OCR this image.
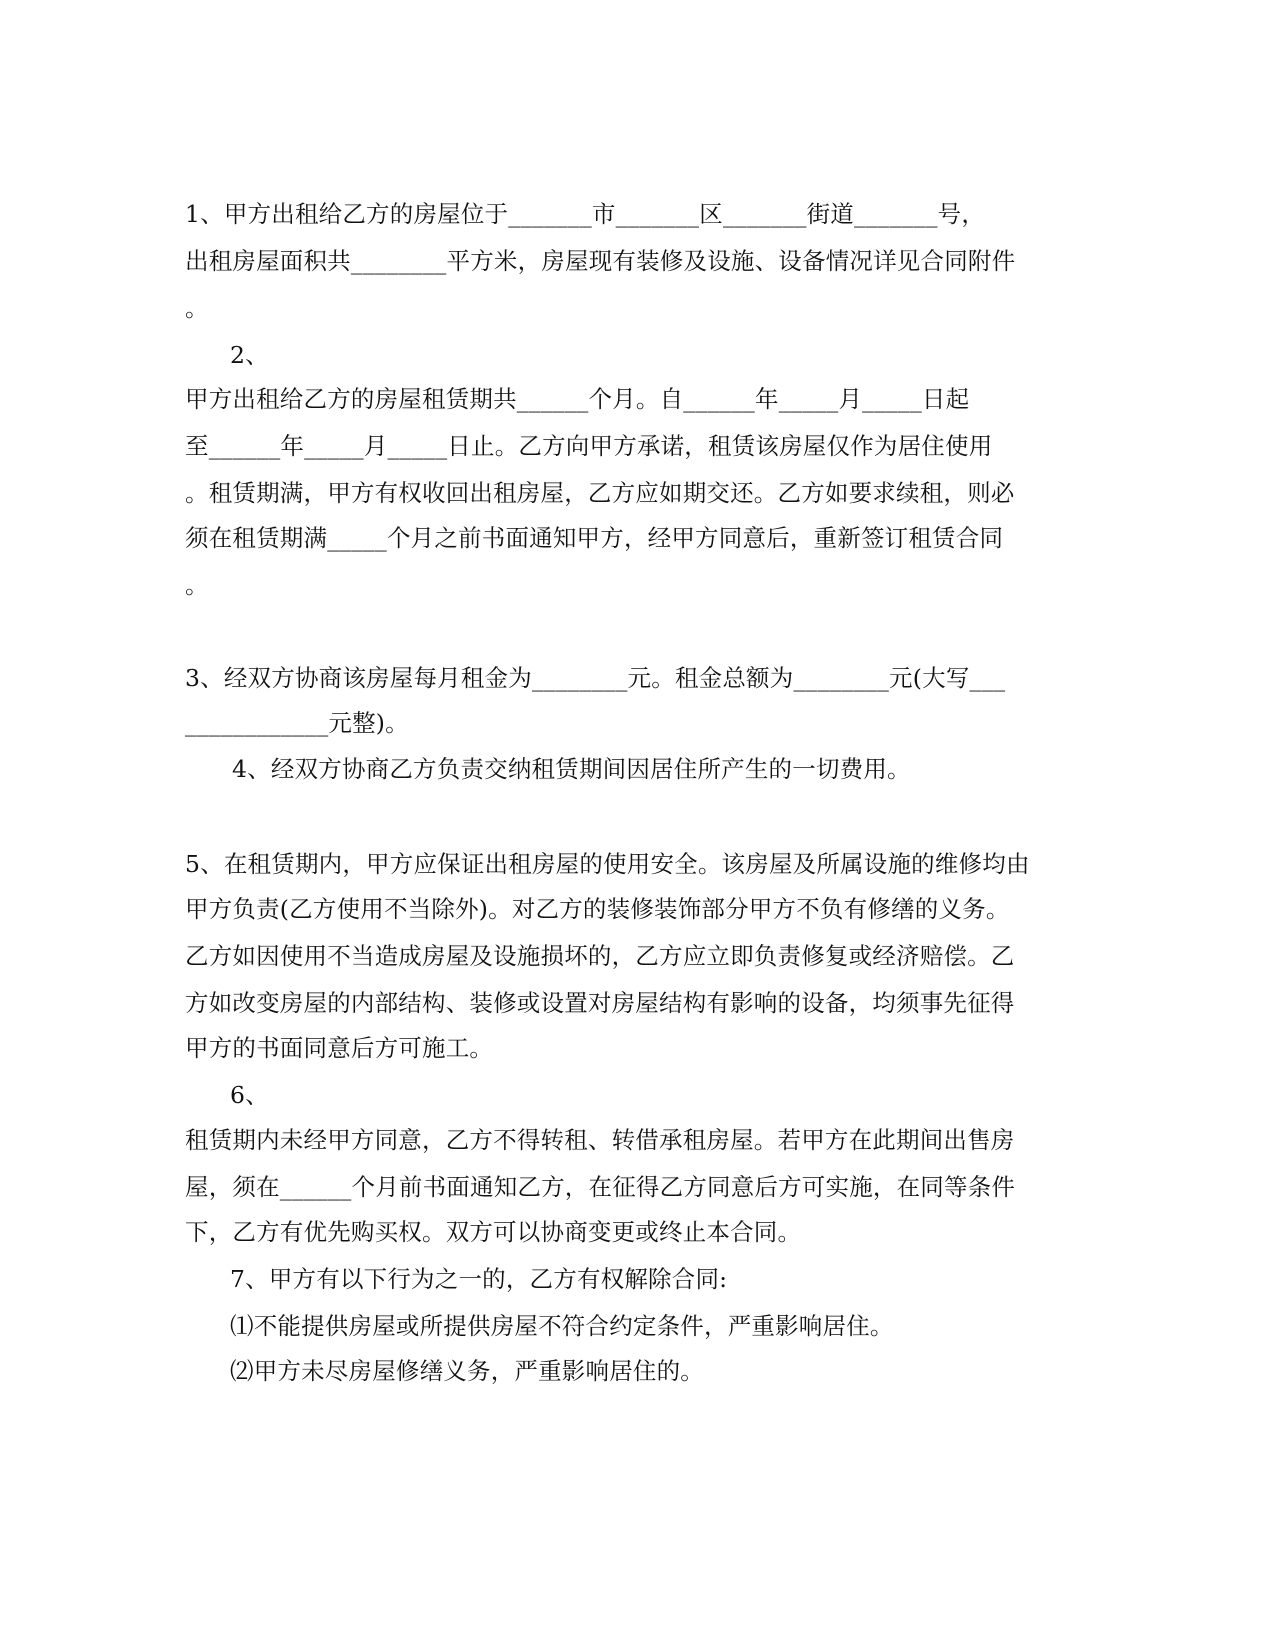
1、甲方出租给乙方的房屋位于_______市_______区_______街道_______号，
出租房屋面积共________平方米，房屋现有装修及设施、设备情况详见合同附件
。
2、
甲方出租给乙方的房屋租赁期共______个月。自______年_____月_____日起
至______年_____月_____日止。乙方向甲方承诺，租赁该房屋仅作为居住使用
。租赁期满，甲方有权收回出租房屋，乙方应如期交还。乙方如要求续租，则必
须在租赁期满_____个月之前书面通知甲方，经甲方同意后，重新签订租赁合同
。
3、经双方协商该房屋每月租金为________元。租金总额为________元(大写___
____________元整)。
4、经双方协商乙方负责交纳租赁期间因居住所产生的一切费用。
5、在租赁期内，甲方应保证出租房屋的使用安全。该房屋及所属设施的维修均由
甲方负责(乙方使用不当除外)。对乙方的装修装饰部分甲方不负有修缮的义务。
乙方如因使用不当造成房屋及设施损坏的，乙方应立即负责修复或经济赔偿。乙
方如改变房屋的内部结构、装修或设置对房屋结构有影响的设备，均须事先征得
甲方的书面同意后方可施工。
6、
租赁期内未经甲方同意，乙方不得转租、转借承租房屋。若甲方在此期间出售房
屋，须在______个月前书面通知乙方，在征得乙方同意后方可实施，在同等条件
下，乙方有优先购买权。双方可以协商变更或终止本合同。
7、甲方有以下行为之一的，乙方有权解除合同:
⑴不能提供房屋或所提供房屋不符合约定条件，严重影响居住。
⑵甲方未尽房屋修缮义务，严重影响居住的。
